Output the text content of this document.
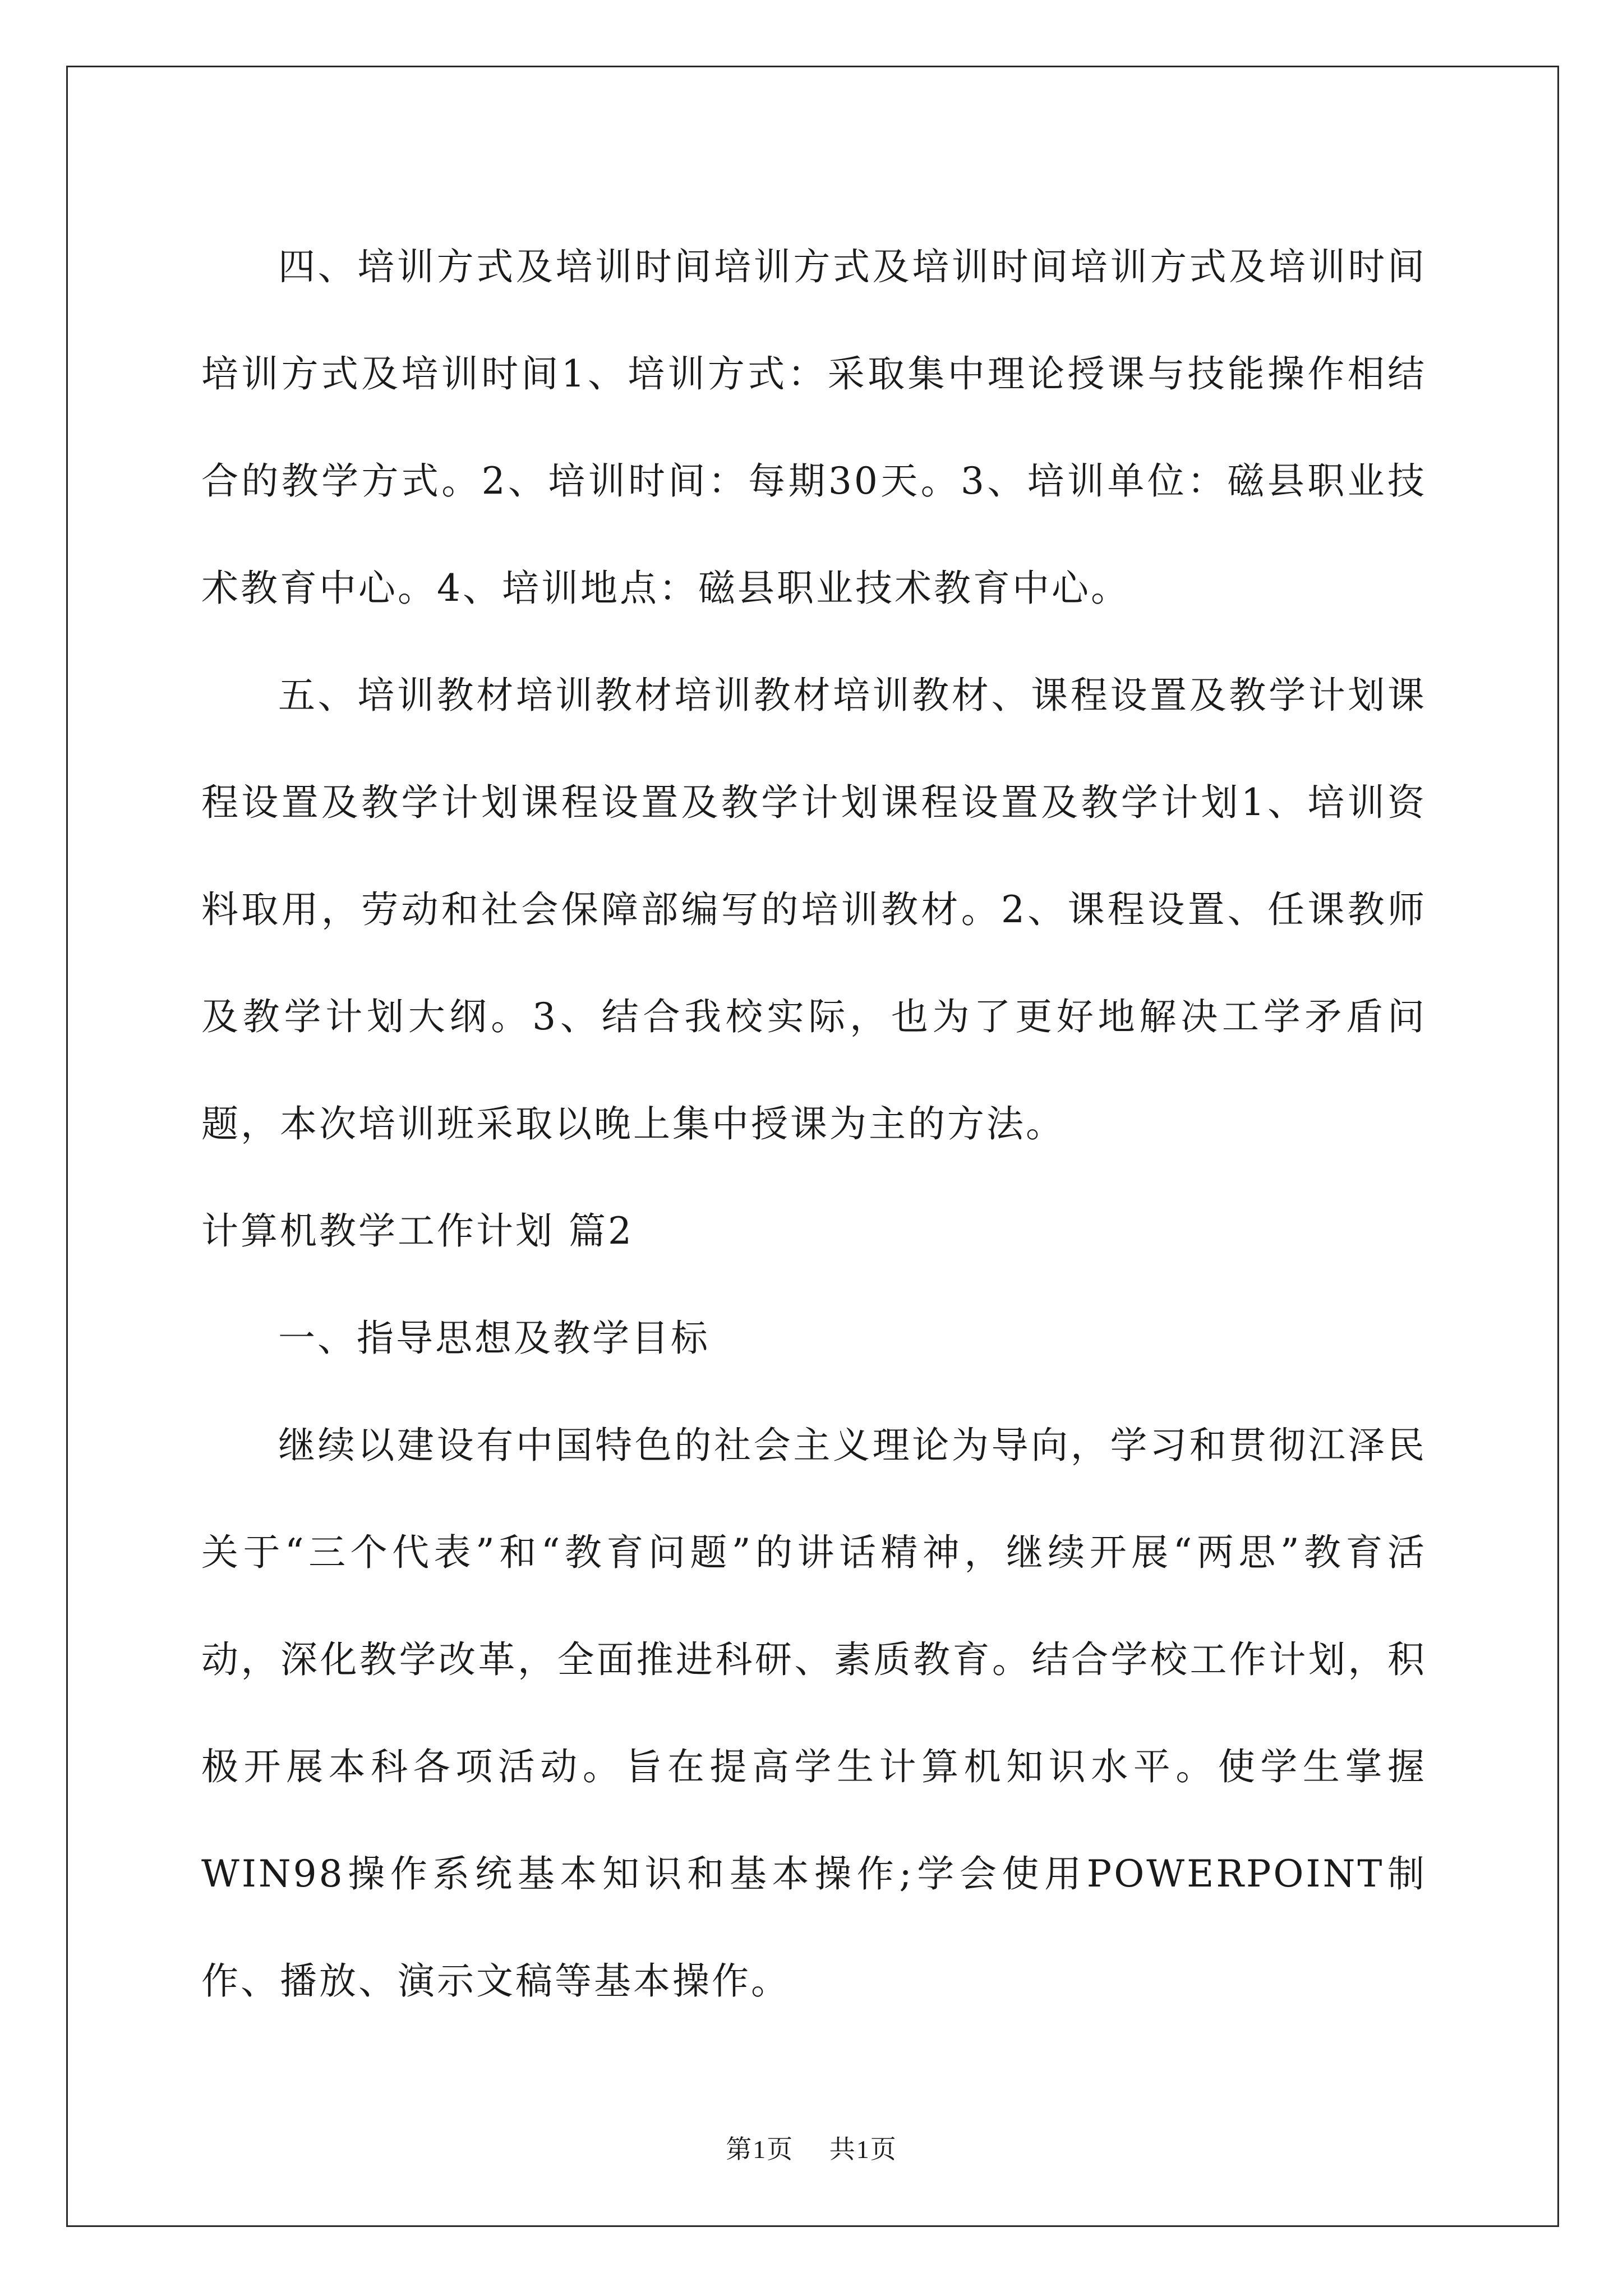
四、培训方式及培训时间培训方式及培训时间培训方式及培训时间培训方式及培训时间1、培训方式：采取集中理论授课与技能操作相结合的教学方式。2、培训时间：每期30天。3、培训单位：磁县职业技术教育中心。4、培训地点：磁县职业技术教育中心。

五、培训教材培训教材培训教材培训教材、课程设置及教学计划课程设置及教学计划课程设置及教学计划课程设置及教学计划1、培训资料取用，劳动和社会保障部编写的培训教材。2、课程设置、任课教师及教学计划大纲。3、结合我校实际，也为了更好地解决工学矛盾问题，本次培训班采取以晚上集中授课为主的方法。

计算机教学工作计划 篇2

一、指导思想及教学目标

继续以建设有中国特色的社会主义理论为导向，学习和贯彻江泽民关于“三个代表”和“教育问题”的讲话精神，继续开展“两思”教育活动，深化教学改革，全面推进科研、素质教育。结合学校工作计划，积极开展本科各项活动。旨在提高学生计算机知识水平。使学生掌握WIN98操作系统基本知识和基本操作;学会使用POWERPOINT制作、播放、演示文稿等基本操作。

第1页 共1页
